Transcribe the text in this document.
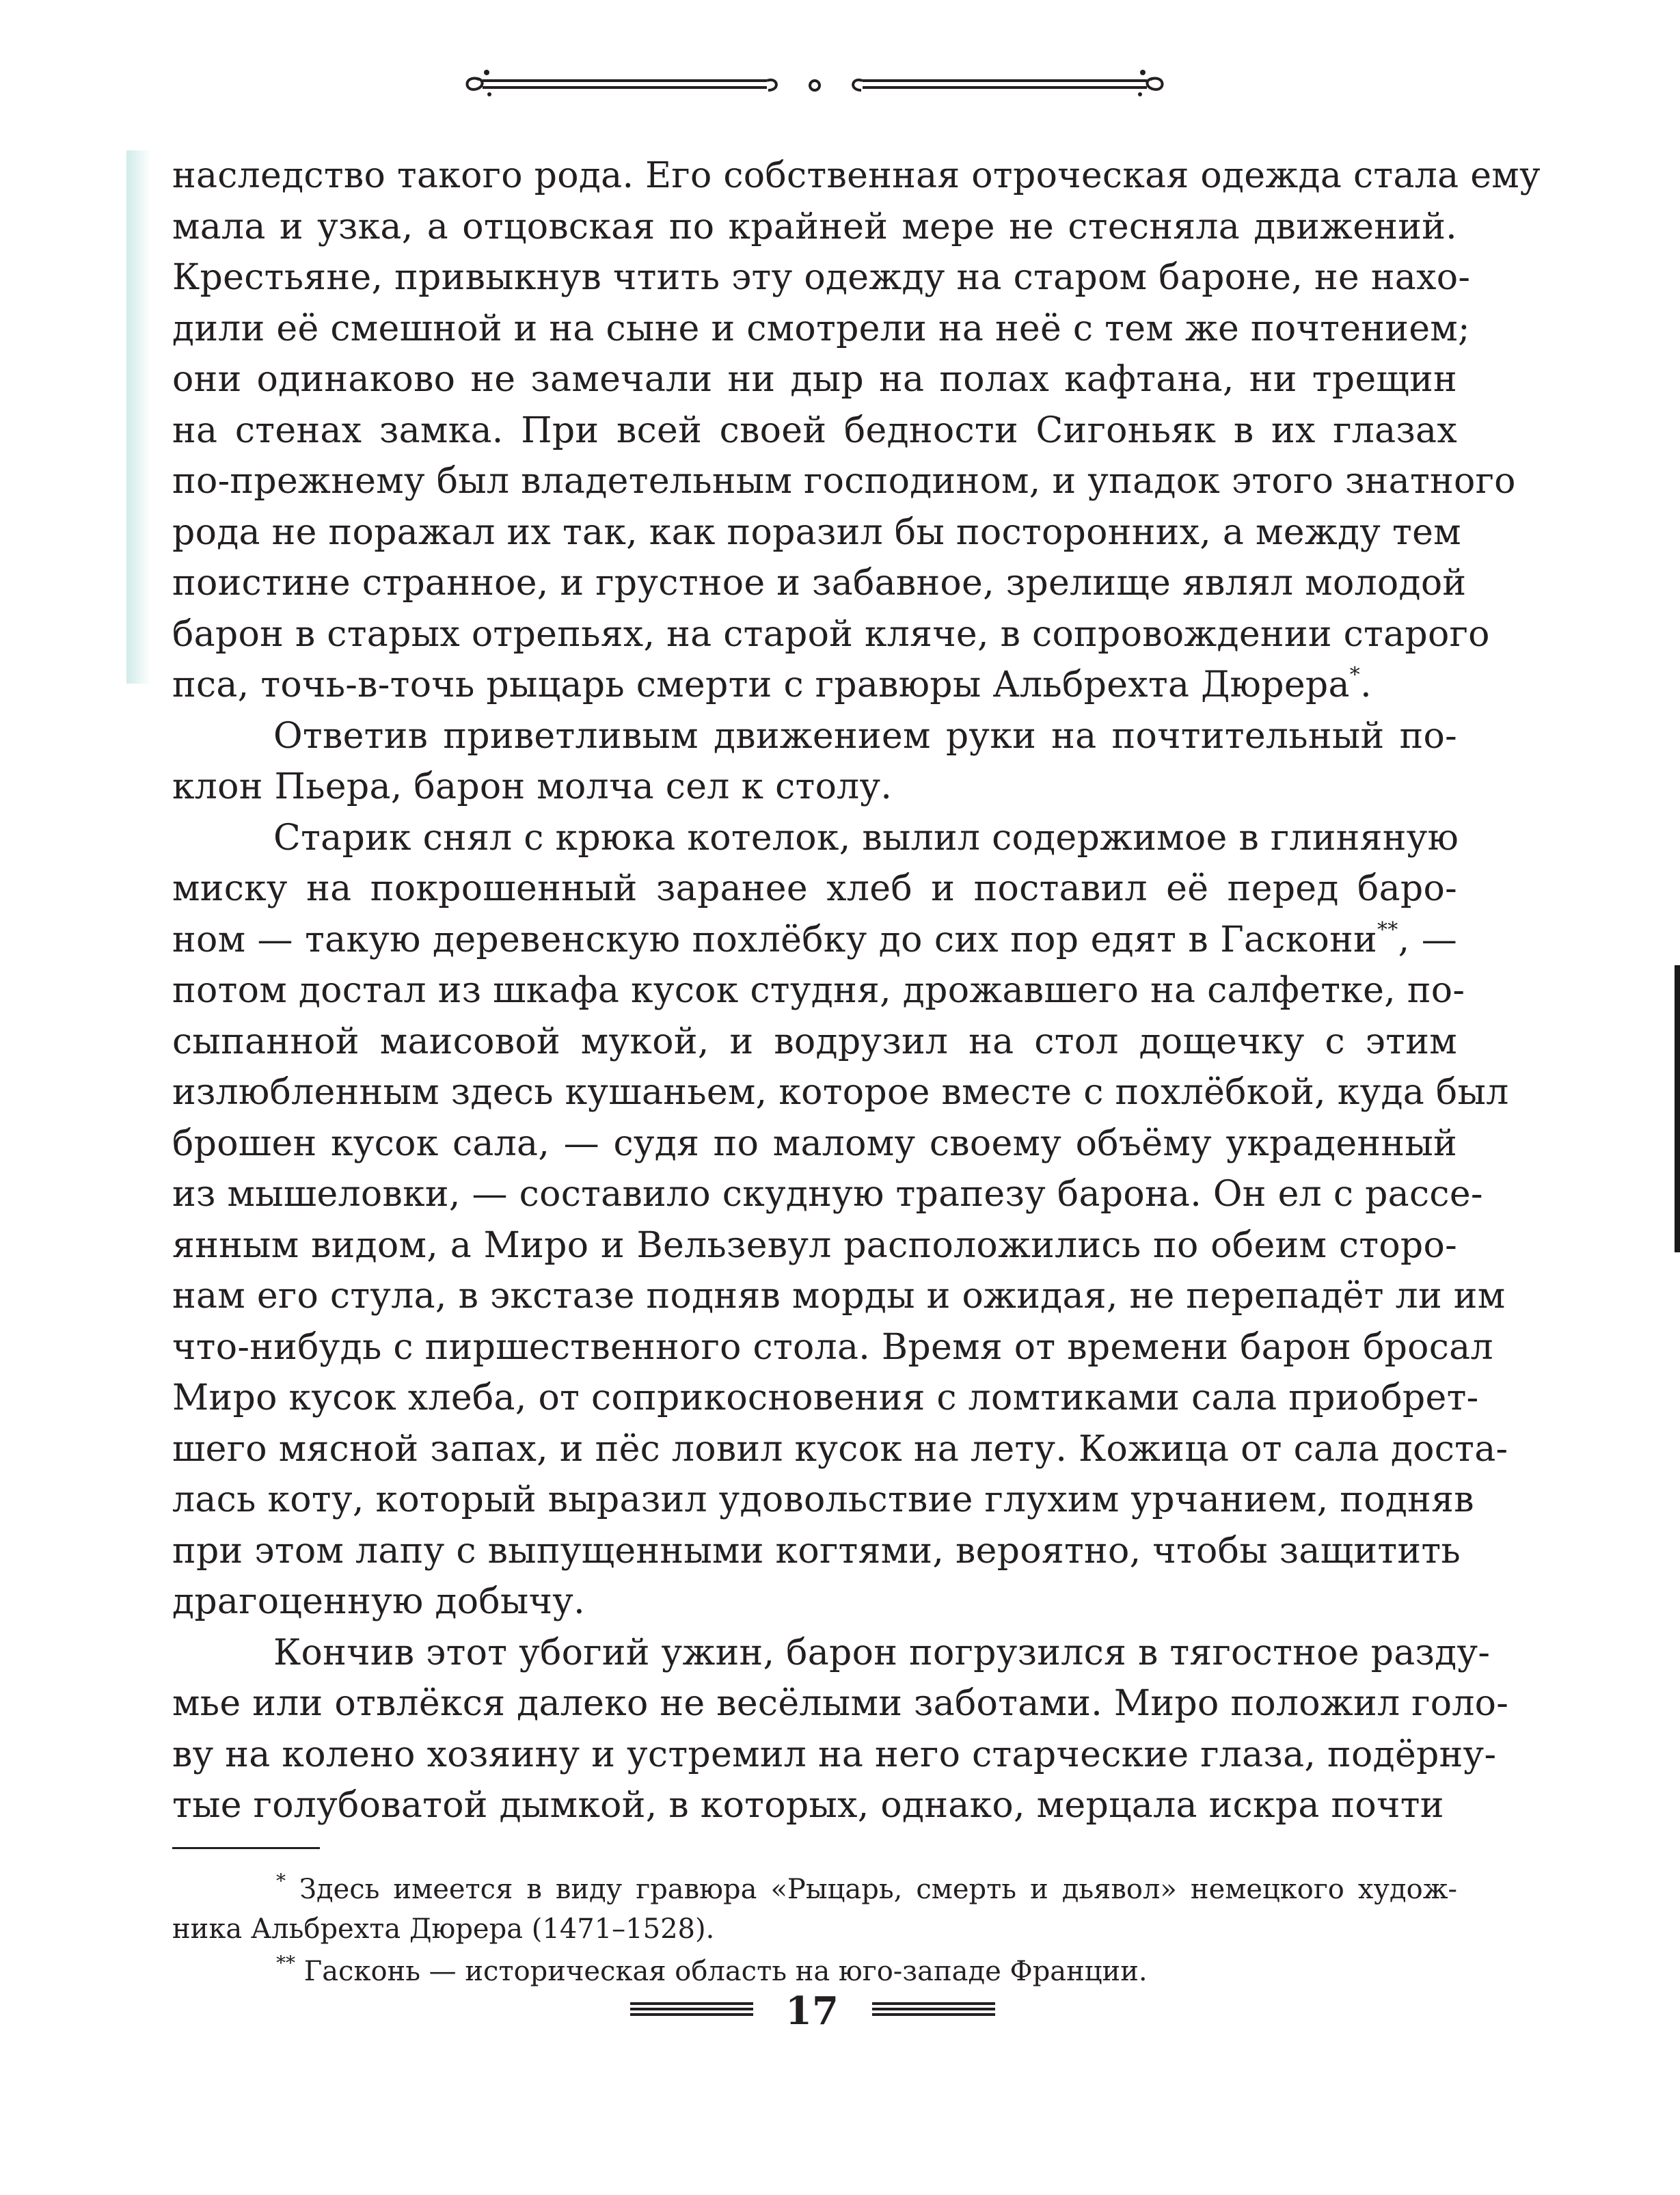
наследство такого рода. Его собственная отроческая одежда стала ему
мала и узка, а отцовская по крайней мере не стесняла движений.
Крестьяне, привыкнув чтить эту одежду на старом бароне, не нахо-
дили её смешной и на сыне и смотрели на неё с тем же почтением;
они одинаково не замечали ни дыр на полах кафтана, ни трещин
на стенах замка. При всей своей бедности Сигоньяк в их глазах
по-прежнему был владетельным господином, и упадок этого знатного
рода не поражал их так, как поразил бы посторонних, а между тем
поистине странное, и грустное и забавное, зрелище являл молодой
барон в старых отрепьях, на старой кляче, в сопровождении старого
пса, точь-в-точь рыцарь смерти с гравюры Альбрехта Дюрера*.
Ответив приветливым движением руки на почтительный по-
клон Пьера, барон молча сел к столу.
Старик снял с крюка котелок, вылил содержимое в глиняную
миску на покрошенный заранее хлеб и поставил её перед баро-
ном — такую деревенскую похлёбку до сих пор едят в Гаскони**, —
потом достал из шкафа кусок студня, дрожавшего на салфетке, по-
сыпанной маисовой мукой, и водрузил на стол дощечку с этим
излюбленным здесь кушаньем, которое вместе с похлёбкой, куда был
брошен кусок сала, — судя по малому своему объёму украденный
из мышеловки, — составило скудную трапезу барона. Он ел с рассе-
янным видом, а Миро и Вельзевул расположились по обеим сторо-
нам его стула, в экстазе подняв морды и ожидая, не перепадёт ли им
что-нибудь с пиршественного стола. Время от времени барон бросал
Миро кусок хлеба, от соприкосновения с ломтиками сала приобрет-
шего мясной запах, и пёс ловил кусок на лету. Кожица от сала доста-
лась коту, который выразил удовольствие глухим урчанием, подняв
при этом лапу с выпущенными когтями, вероятно, чтобы защитить
драгоценную добычу.
Кончив этот убогий ужин, барон погрузился в тягостное разду-
мье или отвлёкся далеко не весёлыми заботами. Миро положил голо-
ву на колено хозяину и устремил на него старческие глаза, подёрну-
тые голубоватой дымкой, в которых, однако, мерцала искра почти
* Здесь имеется в виду гравюра «Рыцарь, смерть и дьявол» немецкого худож-
ника Альбрехта Дюрера (1471–1528).
** Гасконь — историческая область на юго-западе Франции.
17
